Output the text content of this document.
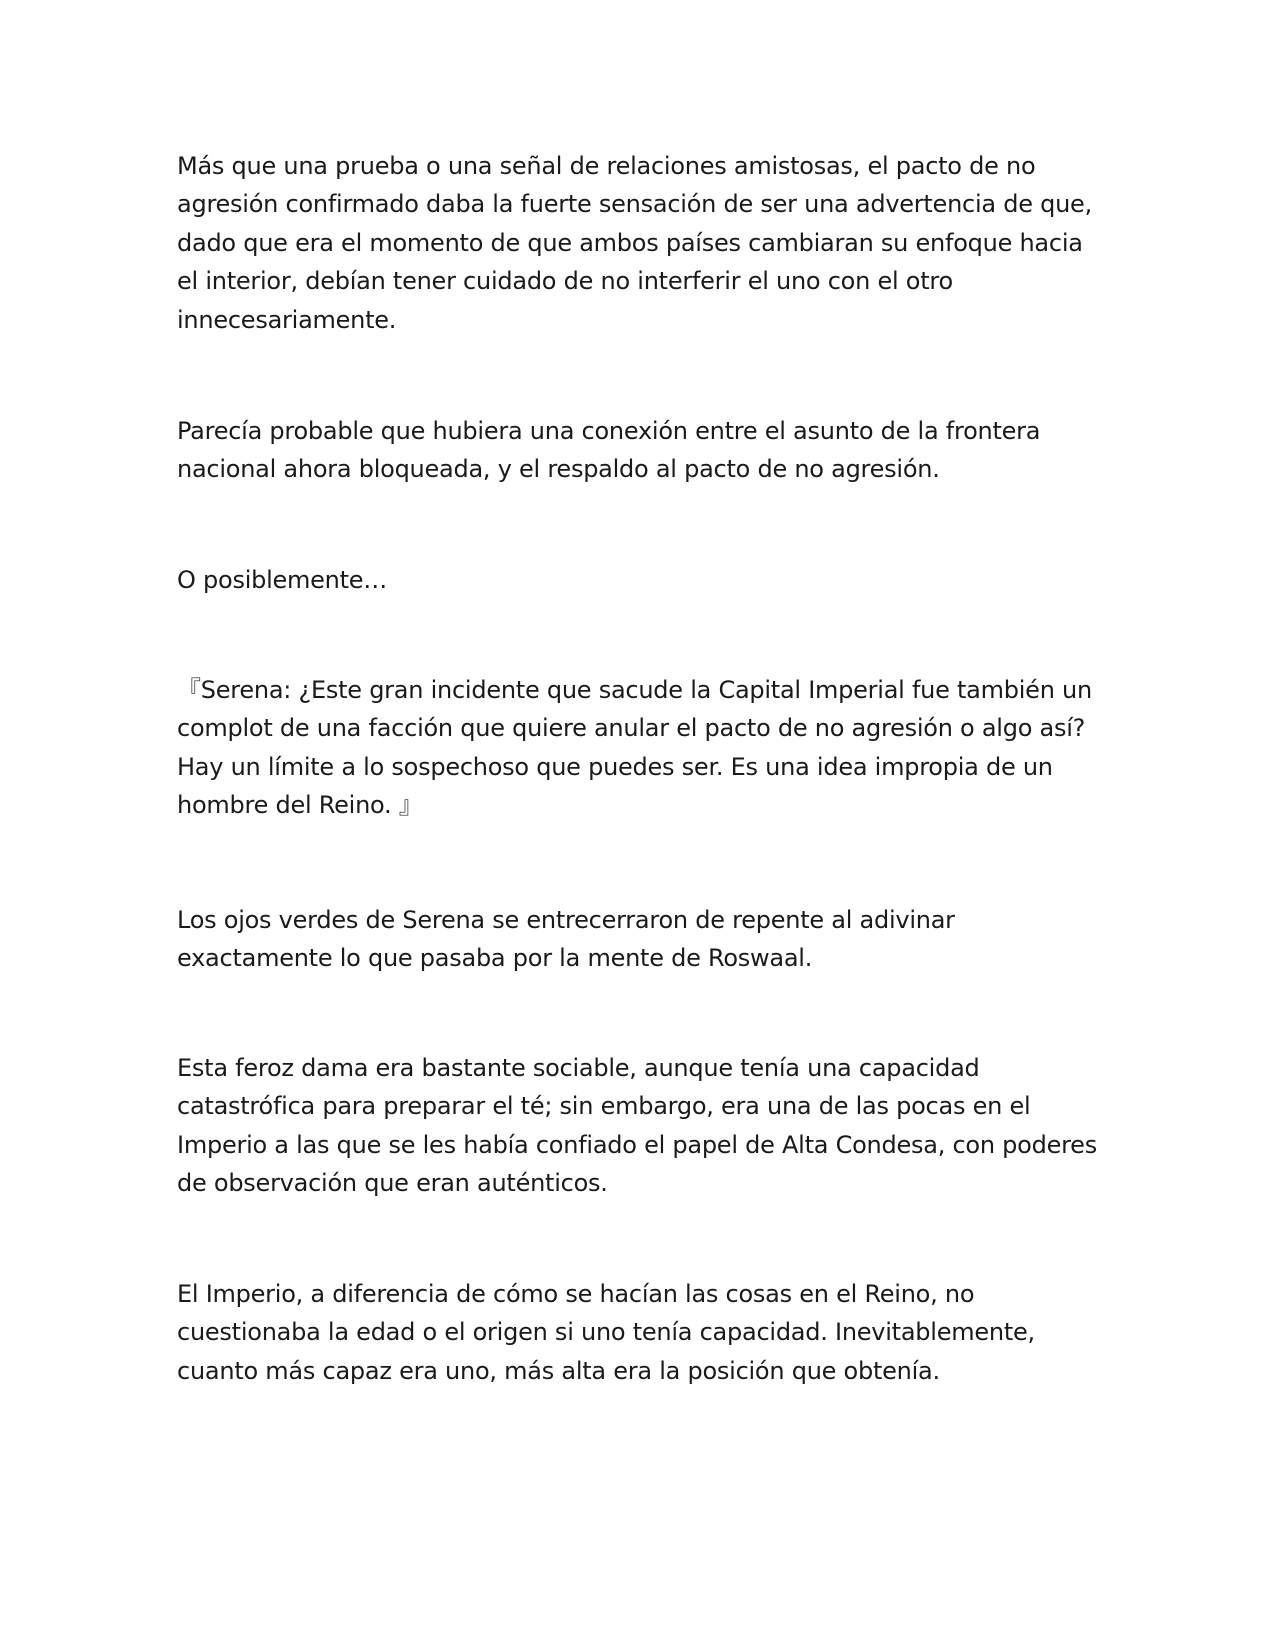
Más que una prueba o una señal de relaciones amistosas, el pacto de no
agresión confirmado daba la fuerte sensación de ser una advertencia de que,
dado que era el momento de que ambos países cambiaran su enfoque hacia
el interior, debían tener cuidado de no interferir el uno con el otro
innecesariamente.

Parecía probable que hubiera una conexión entre el asunto de la frontera
nacional ahora bloqueada, y el respaldo al pacto de no agresión.

O posiblemente…

『Serena: ¿Este gran incidente que sacude la Capital Imperial fue también un
complot de una facción que quiere anular el pacto de no agresión o algo así?
Hay un límite a lo sospechoso que puedes ser. Es una idea impropia de un
hombre del Reino. 』

Los ojos verdes de Serena se entrecerraron de repente al adivinar
exactamente lo que pasaba por la mente de Roswaal.

Esta feroz dama era bastante sociable, aunque tenía una capacidad
catastrófica para preparar el té; sin embargo, era una de las pocas en el
Imperio a las que se les había confiado el papel de Alta Condesa, con poderes
de observación que eran auténticos.

El Imperio, a diferencia de cómo se hacían las cosas en el Reino, no
cuestionaba la edad o el origen si uno tenía capacidad. Inevitablemente,
cuanto más capaz era uno, más alta era la posición que obtenía.
